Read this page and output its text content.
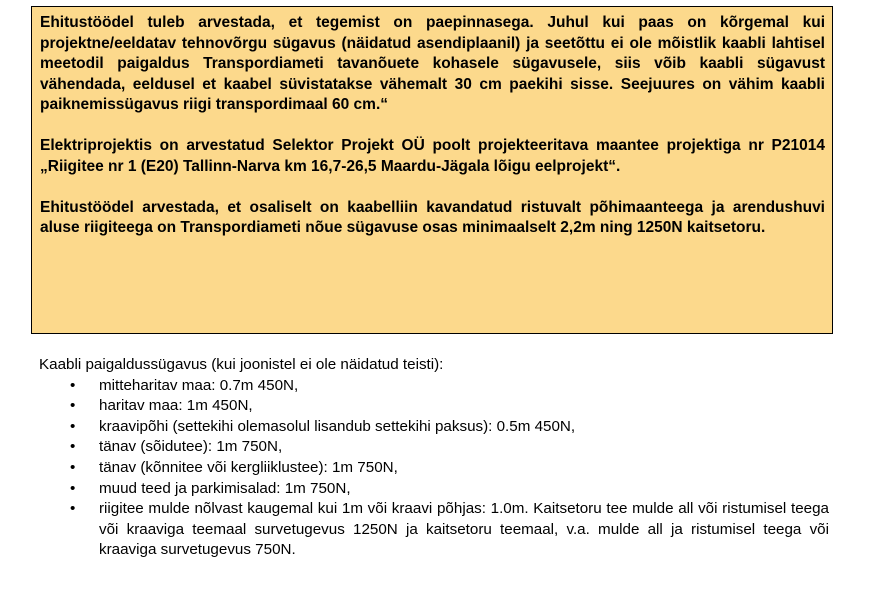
Ehitustöödel tuleb arvestada, et tegemist on paepinnasega. Juhul kui paas on kõrgemal kui projektne/eeldatav tehnovõrgu sügavus (näidatud asendiplaanil) ja seetõttu ei ole mõistlik kaabli lahtisel meetodil paigaldus Transpordiameti tavanõuete kohasele sügavusele, siis võib kaabli sügavust vähendada, eeldusel et kaabel süvistatakse vähemalt 30 cm paekihi sisse. Seejuures on vähim kaabli paiknemissügavus riigi transpordimaal 60 cm.“

Elektriprojektis on arvestatud Selektor Projekt OÜ poolt projekteeritava maantee projektiga nr P21014 „Riigitee nr 1 (E20) Tallinn-Narva km 16,7-26,5 Maardu-Jägala lõigu eelprojekt“.

Ehitustöödel arvestada, et osaliselt on kaabelliin kavandatud ristuvalt põhimaanteega ja arendushuvi aluse riigiteega on Transpordiameti nõue sügavuse osas minimaalselt 2,2m ning 1250N kaitsetoru.

Kaabli paigaldussügavus (kui joonistel ei ole näidatud teisti):

• mitteharitav maa: 0.7m 450N,
• haritav maa: 1m 450N,
• kraavipõhi (settekihi olemasolul lisandub settekihi paksus): 0.5m 450N,
• tänav (sõidutee): 1m 750N,
• tänav (kõnnitee või kergliiklustee): 1m 750N,
• muud teed ja parkimisalad: 1m 750N,
• riigitee mulde nõlvast kaugemal kui 1m või kraavi põhjas: 1.0m. Kaitsetoru tee mulde all või ristumisel teega või kraaviga teemaal survetugevus 1250N ja kaitsetoru teemaal, v.a. mulde all ja ristumisel teega või kraaviga survetugevus 750N.
